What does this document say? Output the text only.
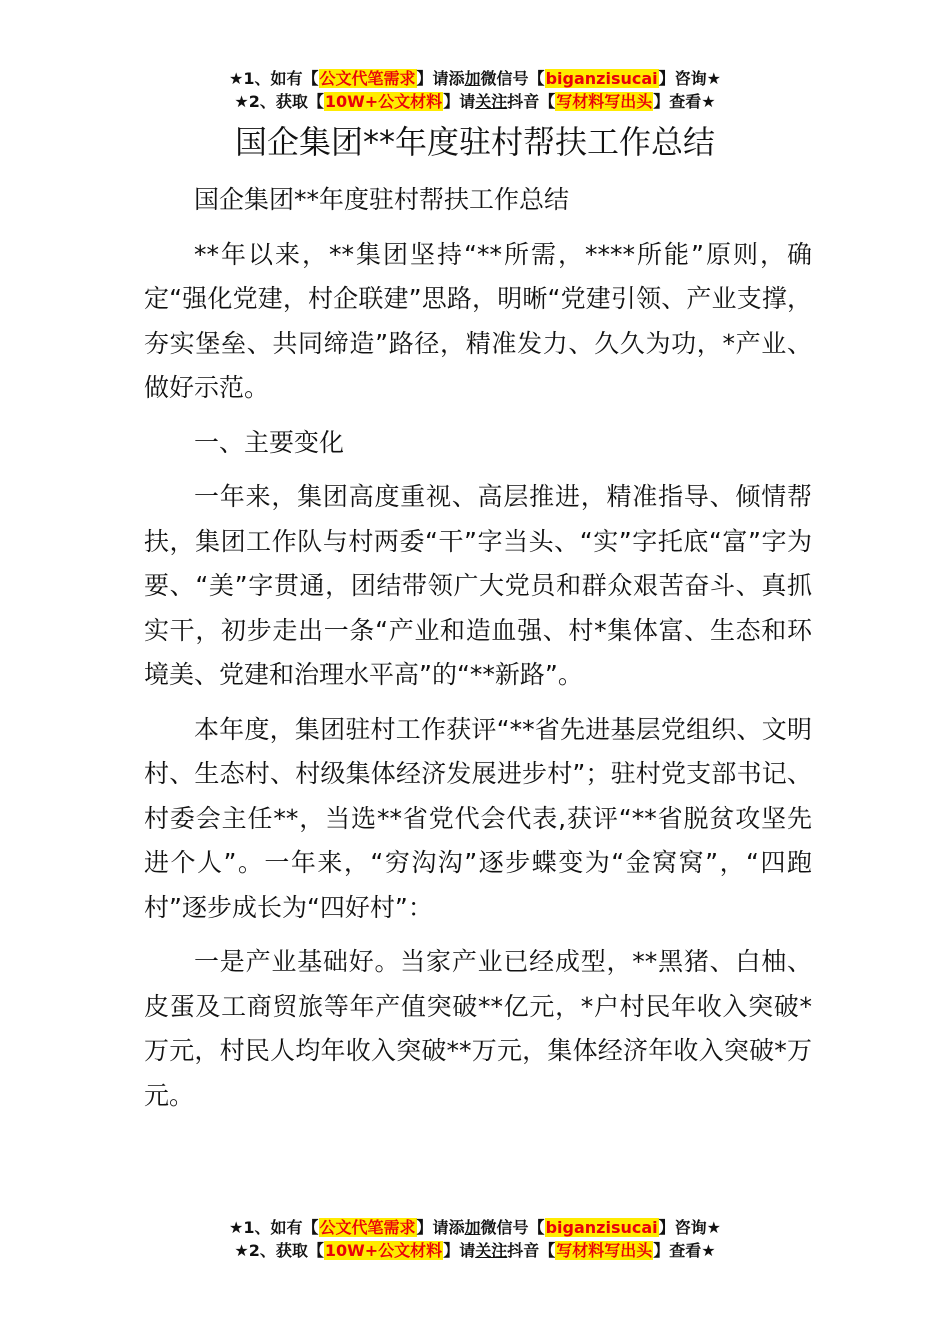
★1、如有【公文代笔需求】请添加微信号【biganzisucai】咨询★
★2、获取【10W+公文材料】请关注抖音【写材料写出头】查看★
国企集团**年度驻村帮扶工作总结

国企集团**年度驻村帮扶工作总结

**年以来，**集团坚持“**所需，****所能”原则，确定“强化党建，村企联建”思路，明晰“党建引领、产业支撑，夯实堡垒、共同缔造”路径，精准发力、久久为功，*产业、做好示范。

一、主要变化

一年来，集团高度重视、高层推进，精准指导、倾情帮扶，集团工作队与村两委“干”字当头、“实”字托底“富”字为要、“美”字贯通，团结带领广大党员和群众艰苦奋斗、真抓实干，初步走出一条“产业和造血强、村*集体富、生态和环境美、党建和治理水平高”的“**新路”。

本年度，集团驻村工作获评“**省先进基层党组织、文明村、生态村、村级集体经济发展进步村”；驻村党支部书记、村委会主任**，当选**省党代会代表,获评“**省脱贫攻坚先进个人”。一年来，“穷沟沟”逐步蝶变为“金窝窝”，“四跑村”逐步成长为“四好村”：

一是产业基础好。当家产业已经成型，**黑猪、白柚、皮蛋及工商贸旅等年产值突破**亿元，*户村民年收入突破*万元，村民人均年收入突破**万元，集体经济年收入突破*万元。

★1、如有【公文代笔需求】请添加微信号【biganzisucai】咨询★
★2、获取【10W+公文材料】请关注抖音【写材料写出头】查看★
